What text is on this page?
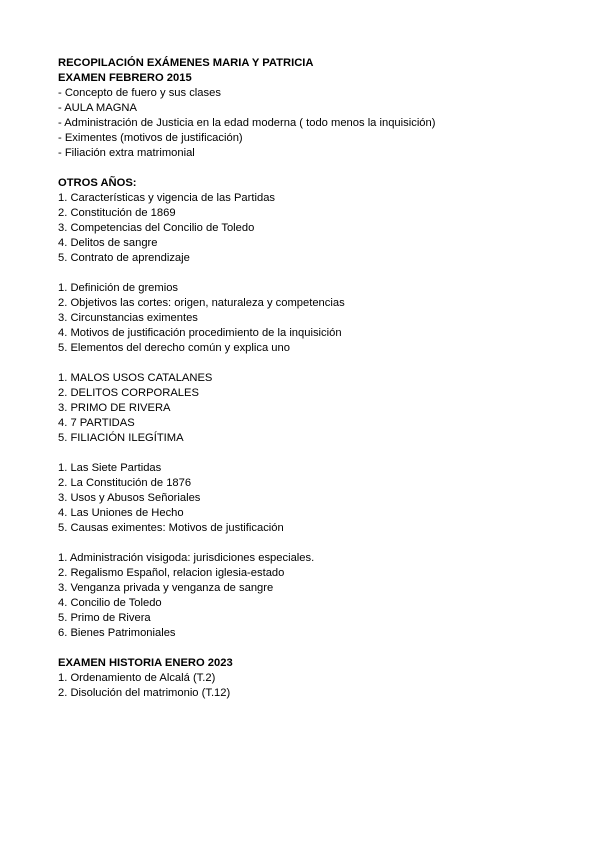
RECOPILACIÓN EXÁMENES MARIA Y PATRICIA
EXAMEN FEBRERO 2015
- Concepto de fuero y sus clases
- AULA MAGNA
- Administración de Justicia en la edad moderna ( todo menos la inquisición)
- Eximentes (motivos de justificación)
- Filiación extra matrimonial
OTROS AÑOS:
1. Características y vigencia de las Partidas
2. Constitución de 1869
3. Competencias del Concilio de Toledo
4. Delitos de sangre
5. Contrato de aprendizaje
1. Definición de gremios
2. Objetivos las cortes: origen, naturaleza y competencias
3. Circunstancias eximentes
4. Motivos de justificación procedimiento de la inquisición
5. Elementos del derecho común y explica uno
1. MALOS USOS CATALANES
2. DELITOS CORPORALES
3. PRIMO DE RIVERA
4. 7 PARTIDAS
5. FILIACIÓN ILEGÍTIMA
1. Las Siete Partidas
2. La Constitución de 1876
3. Usos y Abusos Señoriales
4. Las Uniones de Hecho
5. Causas eximentes: Motivos de justificación
1. Administración visigoda: jurisdiciones especiales.
2. Regalismo Español, relacion iglesia-estado
3. Venganza privada y venganza de sangre
4. Concilio de Toledo
5. Primo de Rivera
6. Bienes Patrimoniales
EXAMEN HISTORIA ENERO 2023
1. Ordenamiento de Alcalá (T.2)
2. Disolución del matrimonio (T.12)
